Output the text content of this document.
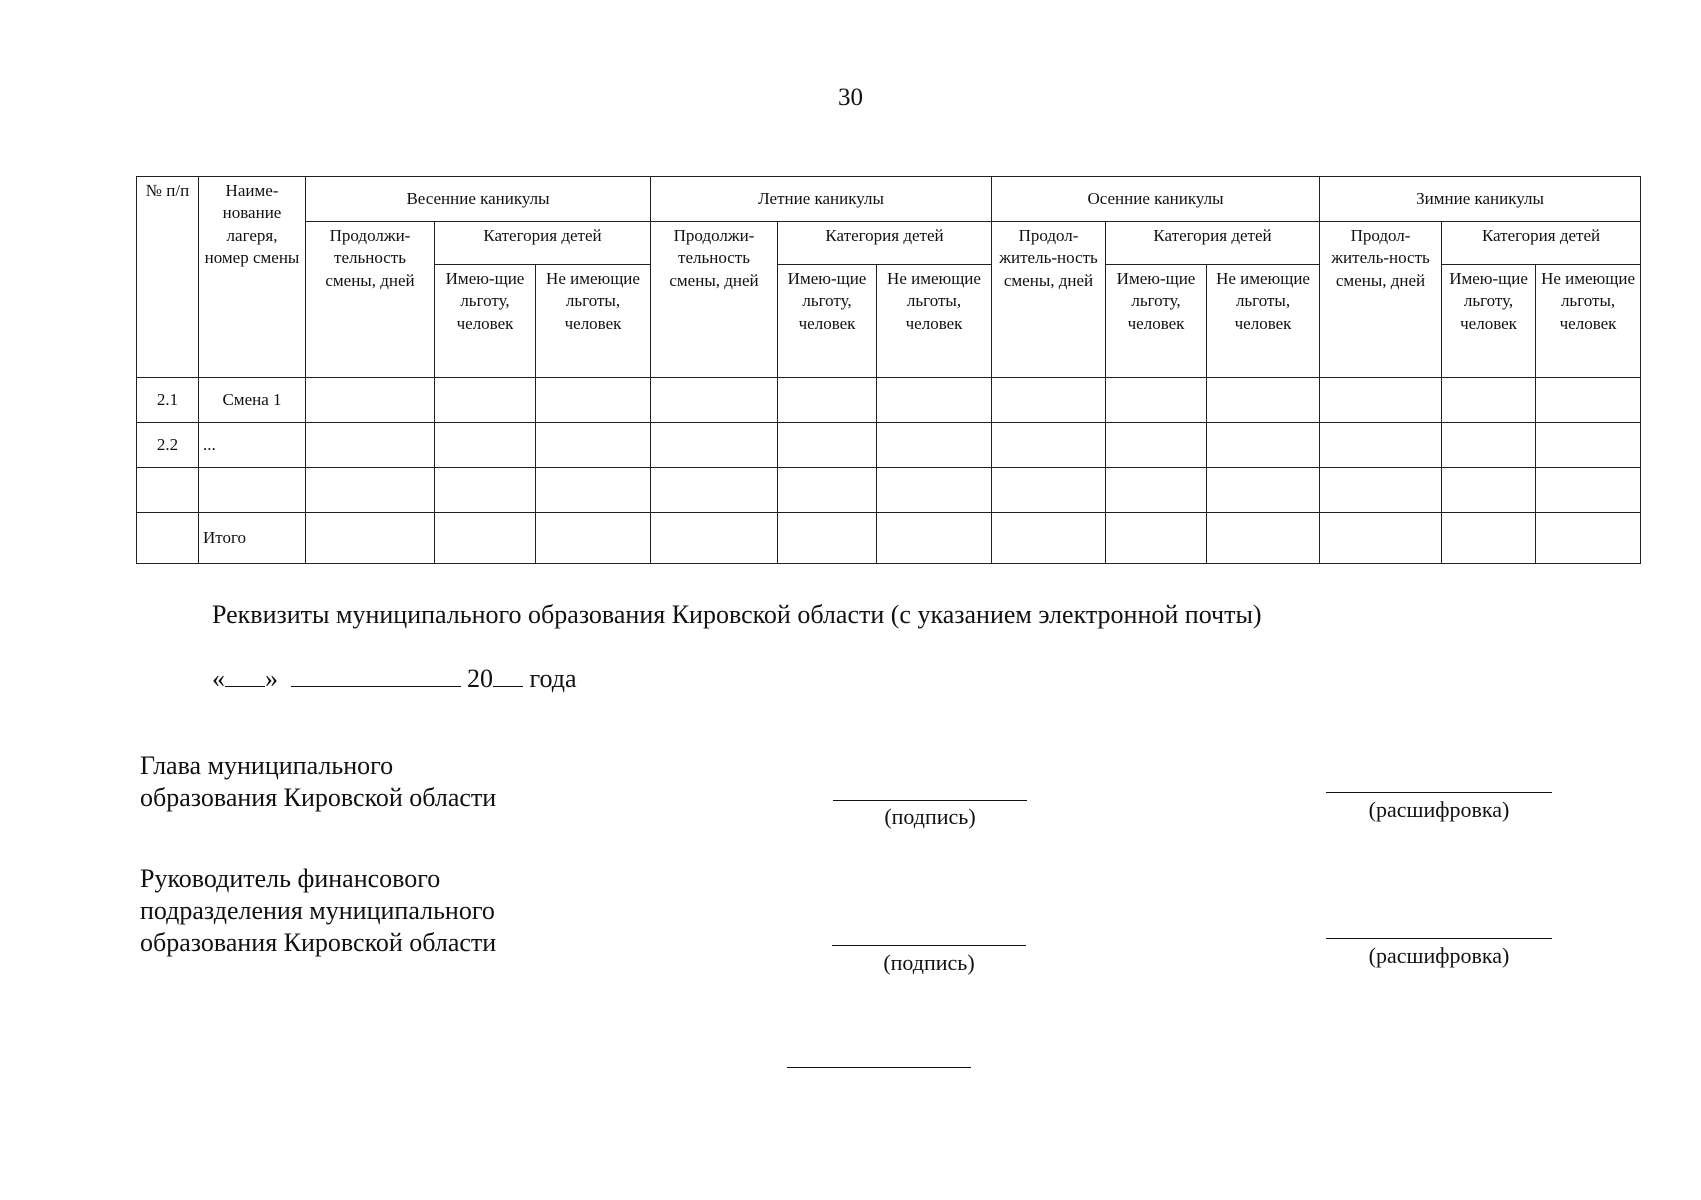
30
№ п/п	Наиме-нование лагеря, номер смены	Весенние каникулы			Летние каникулы			Осенние каникулы			Зимние каникулы		
		Продолжи-тельность смены, дней	Категория детей		Продолжи-тельность смены, дней	Категория детей		Продол-житель-ность смены, дней	Категория детей		Продол-житель-ность смены, дней	Категория детей	
			Имею-щие льготу, человек	Не имеющие льготы, человек		Имею-щие льготу, человек	Не имеющие льготы, человек		Имею-щие льготу, человек	Не имеющие льготы, человек		Имею-щие льготу, человек	Не имеющие льготы, человек
2.1	Смена 1												
2.2	...												

	Итого												
Реквизиты муниципального образования Кировской области (с указанием электронной почты)
« »	20 года
Глава муниципального
образования Кировской области
(подпись)	(расшифровка)
Руководитель финансового
подразделения муниципального
образования Кировской области
(подпись)	(расшифровка)
